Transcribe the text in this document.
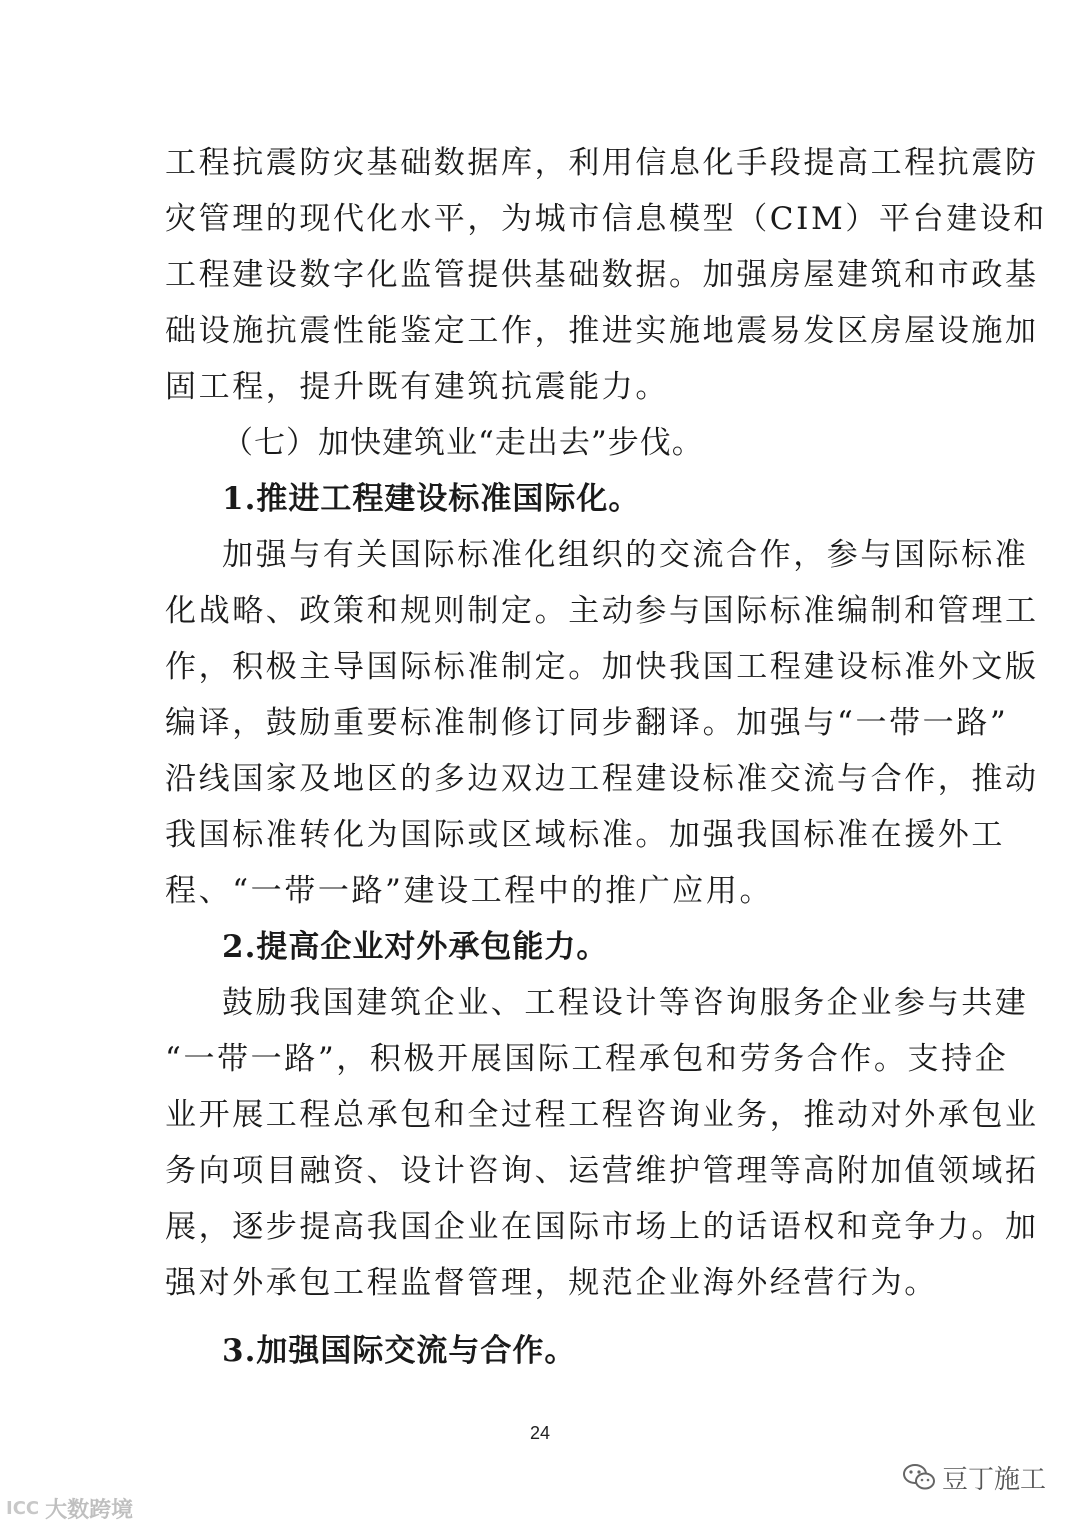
工程抗震防灾基础数据库，利用信息化手段提高工程抗震防
灾管理的现代化水平，为城市信息模型（CIM）平台建设和
工程建设数字化监管提供基础数据。加强房屋建筑和市政基
础设施抗震性能鉴定工作，推进实施地震易发区房屋设施加
固工程，提升既有建筑抗震能力。
（七）加快建筑业“走出去”步伐。
1.推进工程建设标准国际化。
加强与有关国际标准化组织的交流合作，参与国际标准
化战略、政策和规则制定。主动参与国际标准编制和管理工
作，积极主导国际标准制定。加快我国工程建设标准外文版
编译，鼓励重要标准制修订同步翻译。加强与“一带一路”
沿线国家及地区的多边双边工程建设标准交流与合作，推动
我国标准转化为国际或区域标准。加强我国标准在援外工
程、“一带一路”建设工程中的推广应用。
2.提高企业对外承包能力。
鼓励我国建筑企业、工程设计等咨询服务企业参与共建
“一带一路”，积极开展国际工程承包和劳务合作。支持企
业开展工程总承包和全过程工程咨询业务，推动对外承包业
务向项目融资、设计咨询、运营维护管理等高附加值领域拓
展，逐步提高我国企业在国际市场上的话语权和竞争力。加
强对外承包工程监督管理，规范企业海外经营行为。
3.加强国际交流与合作。
24
豆丁施工
ICC 大数跨境
